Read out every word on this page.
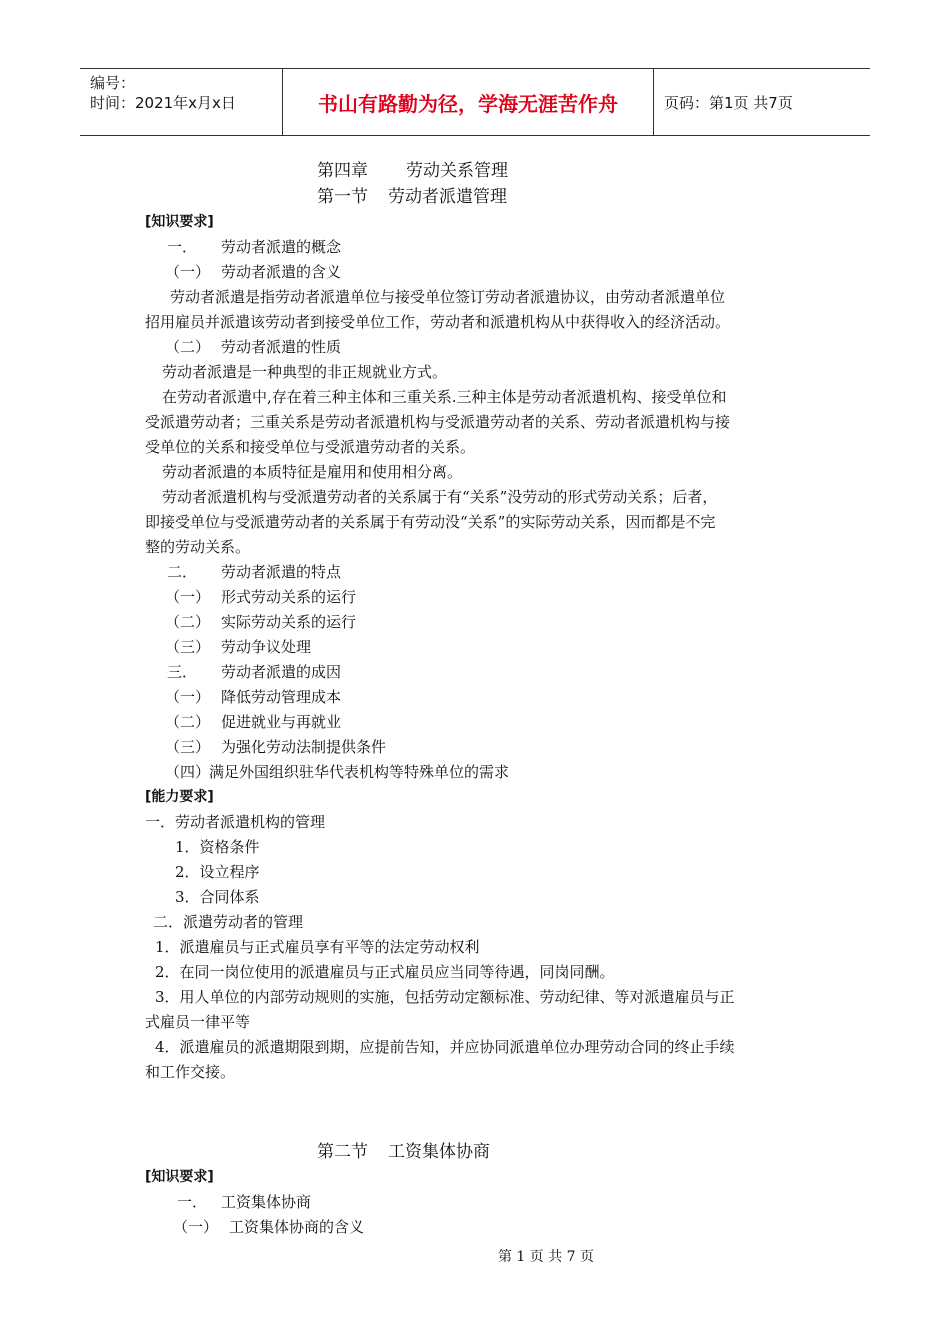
编号：
时间：2021年x月x日	书山有路勤为径，学海无涯苦作舟	页码：第1页 共7页

第四章 劳动关系管理

第一节 劳动者派遣管理

[知识要求]

一． 劳动者派遣的概念

（一） 劳动者派遣的含义

劳动者派遣是指劳动者派遣单位与接受单位签订劳动者派遣协议，由劳动者派遣单位

招用雇员并派遣该劳动者到接受单位工作，劳动者和派遣机构从中获得收入的经济活动。

（二） 劳动者派遣的性质

劳动者派遣是一种典型的非正规就业方式。

在劳动者派遣中,存在着三种主体和三重关系.三种主体是劳动者派遣机构、接受单位和

受派遣劳动者；三重关系是劳动者派遣机构与受派遣劳动者的关系、劳动者派遣机构与接

受单位的关系和接受单位与受派遣劳动者的关系。

劳动者派遣的本质特征是雇用和使用相分离。

劳动者派遣机构与受派遣劳动者的关系属于有“关系”没劳动的形式劳动关系；后者，

即接受单位与受派遣劳动者的关系属于有劳动没“关系”的实际劳动关系，因而都是不完

整的劳动关系。

二． 劳动者派遣的特点

（一） 形式劳动关系的运行

（二） 实际劳动关系的运行

（三） 劳动争议处理

三． 劳动者派遣的成因

（一） 降低劳动管理成本

（二） 促进就业与再就业

（三） 为强化劳动法制提供条件

（四）满足外国组织驻华代表机构等特殊单位的需求

[能力要求]

一．劳动者派遣机构的管理

1．资格条件

2．设立程序

3．合同体系

二．派遣劳动者的管理

1．派遣雇员与正式雇员享有平等的法定劳动权利

2．在同一岗位使用的派遣雇员与正式雇员应当同等待遇，同岗同酬。

3．用人单位的内部劳动规则的实施，包括劳动定额标准、劳动纪律、等对派遣雇员与正

式雇员一律平等

4．派遣雇员的派遣期限到期，应提前告知，并应协同派遣单位办理劳动合同的终止手续

和工作交接。

第二节 工资集体协商

[知识要求]

一． 工资集体协商

（一） 工资集体协商的含义

第 1 页 共 7 页
